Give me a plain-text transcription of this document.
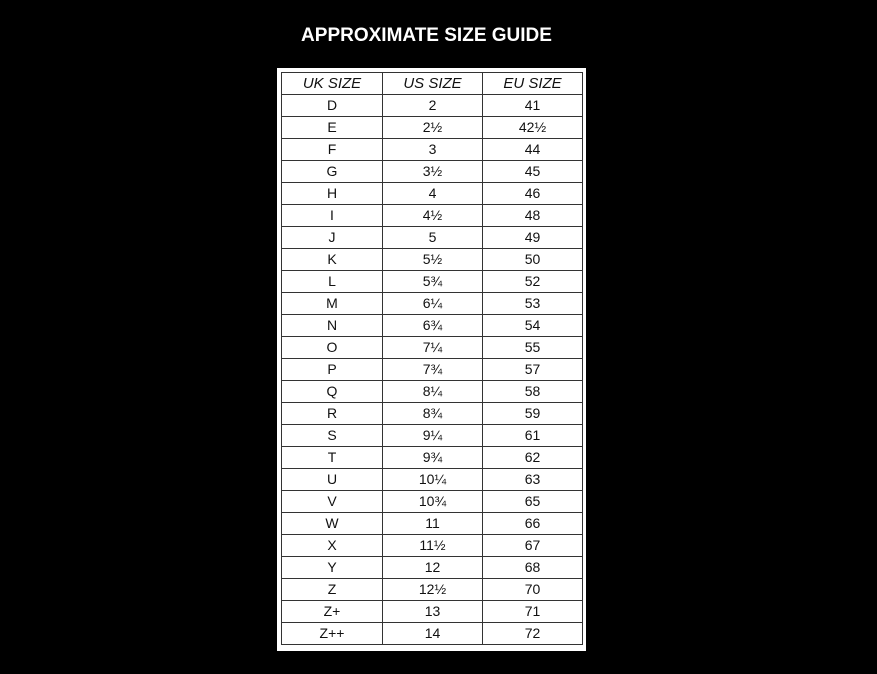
APPROXIMATE SIZE GUIDE
UK SIZE	US SIZE	EU SIZE
D	2	41
E	2½	42½
F	3	44
G	3½	45
H	4	46
I	4½	48
J	5	49
K	5½	50
L	5¾	52
M	6¼	53
N	6¾	54
O	7¼	55
P	7¾	57
Q	8¼	58
R	8¾	59
S	9¼	61
T	9¾	62
U	10¼	63
V	10¾	65
W	11	66
X	11½	67
Y	12	68
Z	12½	70
Z+	13	71
Z++	14	72
